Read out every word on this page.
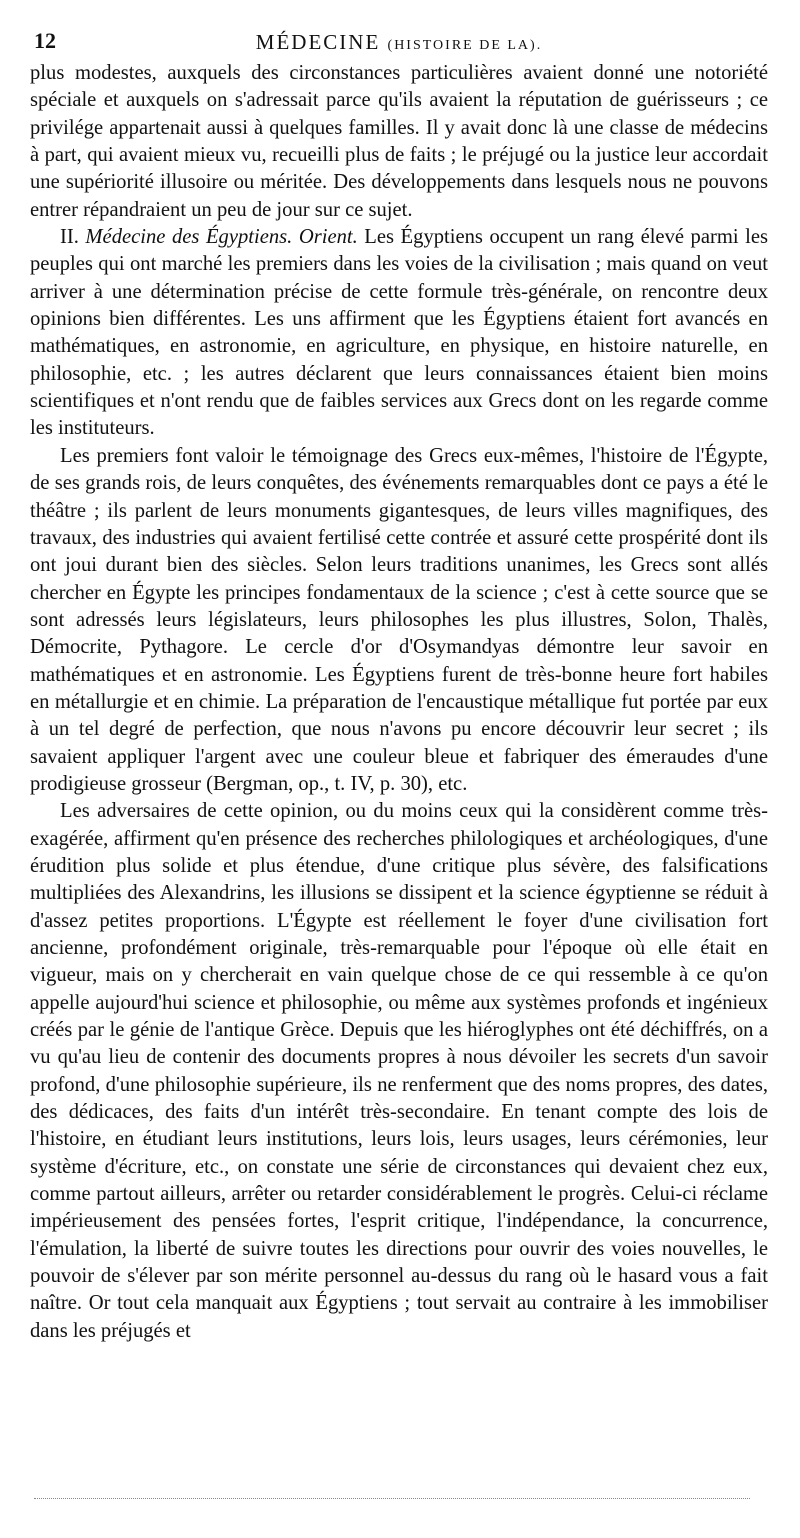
12	MÉDECINE (HISTOIRE DE LA).

plus modestes, auxquels des circonstances particulières avaient donné une notoriété spéciale et auxquels on s'adressait parce qu'ils avaient la réputation de guérisseurs ; ce privilége appartenait aussi à quelques familles. Il y avait donc là une classe de médecins à part, qui avaient mieux vu, recueilli plus de faits ; le préjugé ou la justice leur accordait une supériorité illusoire ou méritée. Des développements dans lesquels nous ne pouvons entrer répandraient un peu de jour sur ce sujet.

II. Médecine des Égyptiens. Orient. Les Égyptiens occupent un rang élevé parmi les peuples qui ont marché les premiers dans les voies de la civilisation ; mais quand on veut arriver à une détermination précise de cette formule très-générale, on rencontre deux opinions bien différentes. Les uns affirment que les Égyptiens étaient fort avancés en mathématiques, en astronomie, en agriculture, en physique, en histoire naturelle, en philosophie, etc. ; les autres déclarent que leurs connaissances étaient bien moins scientifiques et n'ont rendu que de faibles services aux Grecs dont on les regarde comme les instituteurs.

Les premiers font valoir le témoignage des Grecs eux-mêmes, l'histoire de l'Égypte, de ses grands rois, de leurs conquêtes, des événements remarquables dont ce pays a été le théâtre ; ils parlent de leurs monuments gigantesques, de leurs villes magnifiques, des travaux, des industries qui avaient fertilisé cette contrée et assuré cette prospérité dont ils ont joui durant bien des siècles. Selon leurs traditions unanimes, les Grecs sont allés chercher en Égypte les principes fondamentaux de la science ; c'est à cette source que se sont adressés leurs législateurs, leurs philosophes les plus illustres, Solon, Thalès, Démocrite, Pythagore. Le cercle d'or d'Osymandyas démontre leur savoir en mathématiques et en astronomie. Les Égyptiens furent de très-bonne heure fort habiles en métallurgie et en chimie. La préparation de l'encaustique métallique fut portée par eux à un tel degré de perfection, que nous n'avons pu encore découvrir leur secret ; ils savaient appliquer l'argent avec une couleur bleue et fabriquer des émeraudes d'une prodigieuse grosseur (Bergman, op., t. IV, p. 30), etc.

Les adversaires de cette opinion, ou du moins ceux qui la considèrent comme très-exagérée, affirment qu'en présence des recherches philologiques et archéologiques, d'une érudition plus solide et plus étendue, d'une critique plus sévère, des falsifications multipliées des Alexandrins, les illusions se dissipent et la science égyptienne se réduit à d'assez petites proportions. L'Égypte est réellement le foyer d'une civilisation fort ancienne, profondément originale, très-remarquable pour l'époque où elle était en vigueur, mais on y chercherait en vain quelque chose de ce qui ressemble à ce qu'on appelle aujourd'hui science et philosophie, ou même aux systèmes profonds et ingénieux créés par le génie de l'antique Grèce. Depuis que les hiéroglyphes ont été déchiffrés, on a vu qu'au lieu de contenir des documents propres à nous dévoiler les secrets d'un savoir profond, d'une philosophie supérieure, ils ne renferment que des noms propres, des dates, des dédicaces, des faits d'un intérêt très-secondaire. En tenant compte des lois de l'histoire, en étudiant leurs institutions, leurs lois, leurs usages, leurs cérémonies, leur système d'écriture, etc., on constate une série de circonstances qui devaient chez eux, comme partout ailleurs, arrêter ou retarder considérablement le progrès. Celui-ci réclame impérieusement des pensées fortes, l'esprit critique, l'indépendance, la concurrence, l'émulation, la liberté de suivre toutes les directions pour ouvrir des voies nouvelles, le pouvoir de s'élever par son mérite personnel au-dessus du rang où le hasard vous a fait naître. Or tout cela manquait aux Égyptiens ; tout servait au contraire à les immobiliser dans les préjugés et
